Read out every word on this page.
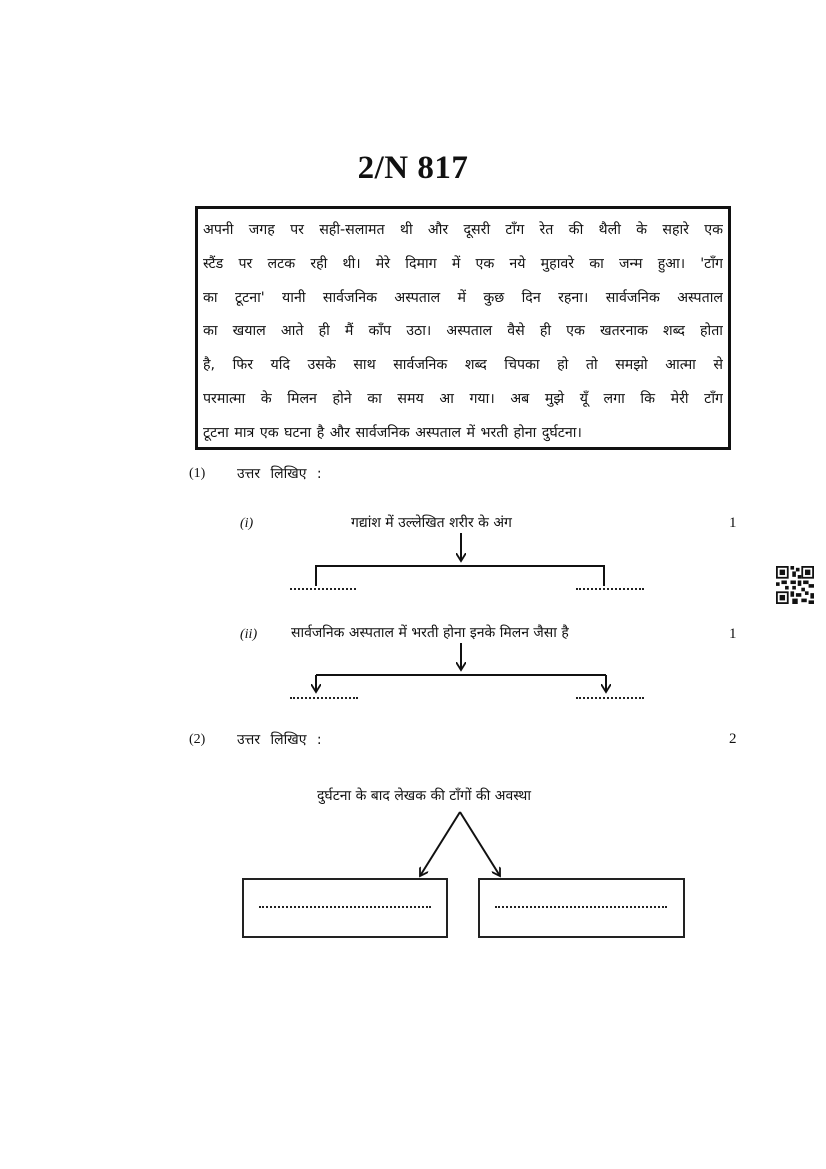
2/N 817
अपनी जगह पर सही-सलामत थी और दूसरी टाँग रेत की थैली के सहारे एक
स्टैंड पर लटक रही थी। मेरे दिमाग में एक नये मुहावरे का जन्म हुआ। 'टाँग
का टूटना' यानी सार्वजनिक अस्पताल में कुछ दिन रहना। सार्वजनिक अस्पताल
का खयाल आते ही मैं काँप उठा। अस्पताल वैसे ही एक खतरनाक शब्द होता
है, फिर यदि उसके साथ सार्वजनिक शब्द चिपका हो तो समझो आत्मा से
परमात्मा के मिलन होने का समय आ गया। अब मुझे यूँ लगा कि मेरी टाँग
टूटना मात्र एक घटना है और सार्वजनिक अस्पताल में भरती होना दुर्घटना।
(1) उत्तर लिखिए :
(i)	गद्यांश में उल्लेखित शरीर के अंग	1
(ii) सार्वजनिक अस्पताल में भरती होना इनके मिलन जैसा है	1
(2) उत्तर लिखिए :	2
दुर्घटना के बाद लेखक की टाँगों की अवस्था
